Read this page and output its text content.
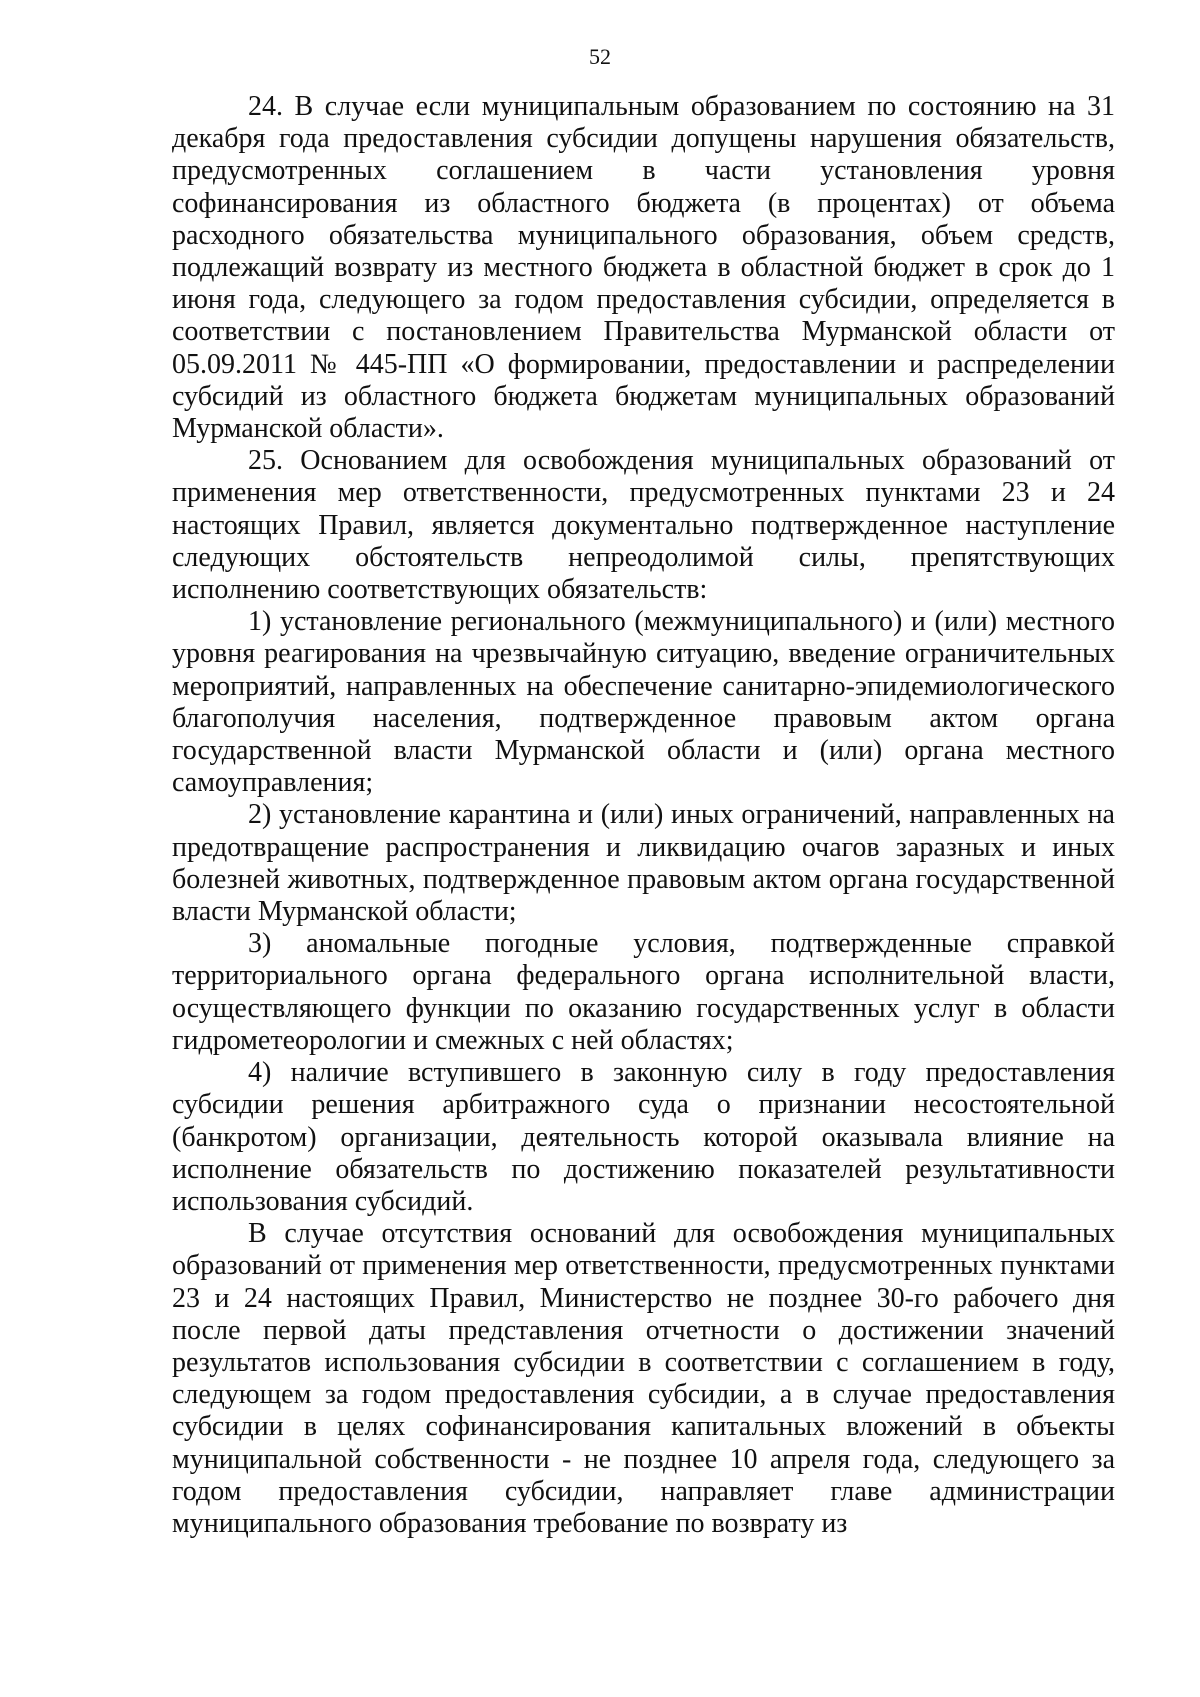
52

24. В случае если муниципальным образованием по состоянию на 31 декабря года предоставления субсидии допущены нарушения обязательств, предусмотренных соглашением в части установления уровня софинансирования из областного бюджета (в процентах) от объема расходного обязательства муниципального образования, объем средств, подлежащий возврату из местного бюджета в областной бюджет в срок до 1 июня года, следующего за годом предоставления субсидии, определяется в соответствии с постановлением Правительства Мурманской области от 05.09.2011 № 445-ПП «О формировании, предоставлении и распределении субсидий из областного бюджета бюджетам муниципальных образований Мурманской области».

25. Основанием для освобождения муниципальных образований от применения мер ответственности, предусмотренных пунктами 23 и 24 настоящих Правил, является документально подтвержденное наступление следующих обстоятельств непреодолимой силы, препятствующих исполнению соответствующих обязательств:

1) установление регионального (межмуниципального) и (или) местного уровня реагирования на чрезвычайную ситуацию, введение ограничительных мероприятий, направленных на обеспечение санитарно-эпидемиологического благополучия населения, подтвержденное правовым актом органа государственной власти Мурманской области и (или) органа местного самоуправления;

2) установление карантина и (или) иных ограничений, направленных на предотвращение распространения и ликвидацию очагов заразных и иных болезней животных, подтвержденное правовым актом органа государственной власти Мурманской области;

3) аномальные погодные условия, подтвержденные справкой территориального органа федерального органа исполнительной власти, осуществляющего функции по оказанию государственных услуг в области гидрометеорологии и смежных с ней областях;

4) наличие вступившего в законную силу в году предоставления субсидии решения арбитражного суда о признании несостоятельной (банкротом) организации, деятельность которой оказывала влияние на исполнение обязательств по достижению показателей результативности использования субсидий.

В случае отсутствия оснований для освобождения муниципальных образований от применения мер ответственности, предусмотренных пунктами 23 и 24 настоящих Правил, Министерство не позднее 30-го рабочего дня после первой даты представления отчетности о достижении значений результатов использования субсидии в соответствии с соглашением в году, следующем за годом предоставления субсидии, а в случае предоставления субсидии в целях софинансирования капитальных вложений в объекты муниципальной собственности - не позднее 10 апреля года, следующего за годом предоставления субсидии, направляет главе администрации муниципального образования требование по возврату из
